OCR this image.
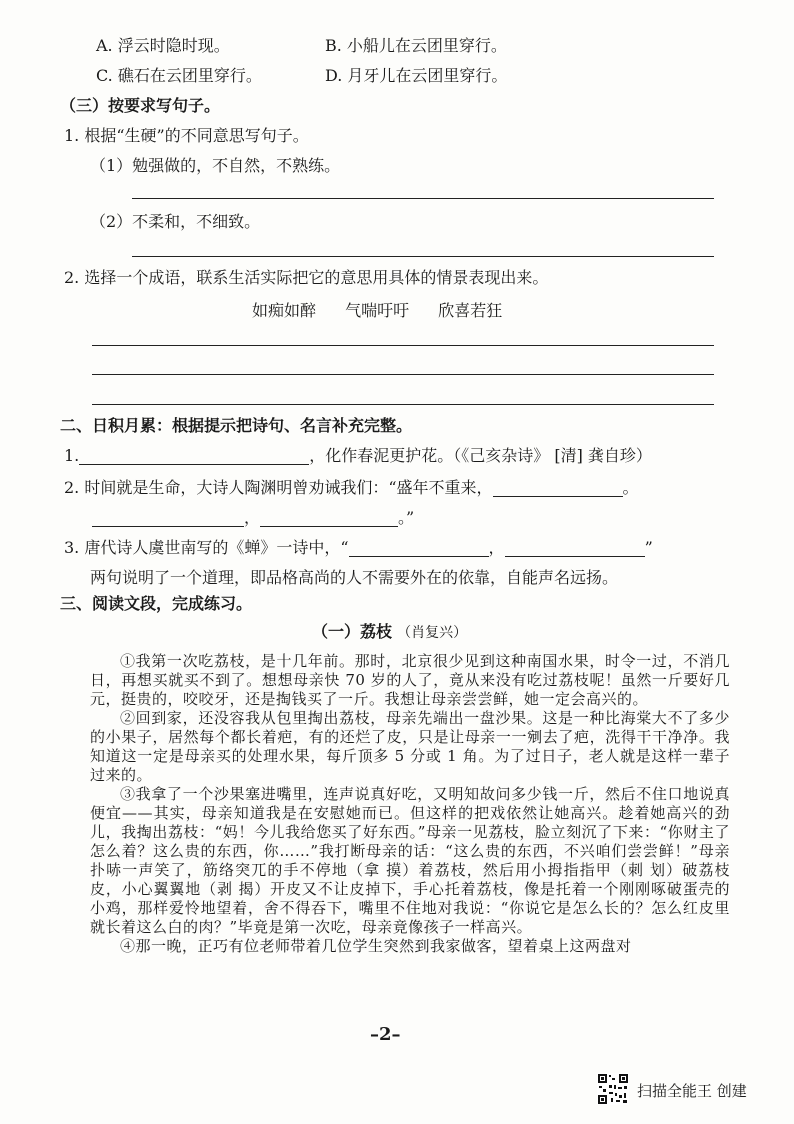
A. 浮云时隐时现。	B. 小船儿在云团里穿行。
C. 礁石在云团里穿行。	D. 月牙儿在云团里穿行。
（三）按要求写句子。
1. 根据“生硬”的不同意思写句子。
（1）勉强做的，不自然，不熟练。
（2）不柔和，不细致。
2. 选择一个成语，联系生活实际把它的意思用具体的情景表现出来。
如痴如醉 气喘吁吁 欣喜若狂
二、日积月累：根据提示把诗句、名言补充完整。
1.	，化作春泥更护花。（《己亥杂诗》 [清] 龚自珍）
2. 时间就是生命，大诗人陶渊明曾劝诫我们：“盛年不重来，	。
，	。”
3. 唐代诗人虞世南写的《蝉》一诗中，“	，	”
两句说明了一个道理，即品格高尚的人不需要外在的依靠，自能声名远扬。
三、阅读文段，完成练习。
（一）荔枝 （肖复兴）

①我第一次吃荔枝，是十几年前。那时，北京很少见到这种南国水果，时令一过，不消几日，再想买就买不到了。想想母亲快 70 岁的人了，竟从来没有吃过荔枝呢！虽然一斤要好几元，挺贵的，咬咬牙，还是掏钱买了一斤。我想让母亲尝尝鲜，她一定会高兴的。

②回到家，还没容我从包里掏出荔枝，母亲先端出一盘沙果。这是一种比海棠大不了多少的小果子，居然每个都长着疤，有的还烂了皮，只是让母亲一一剜去了疤，洗得干干净净。我知道这一定是母亲买的处理水果，每斤顶多 5 分或 1 角。为了过日子，老人就是这样一辈子过来的。

③我拿了一个沙果塞进嘴里，连声说真好吃，又明知故问多少钱一斤，然后不住口地说真便宜——其实，母亲知道我是在安慰她而已。但这样的把戏依然让她高兴。趁着她高兴的劲儿，我掏出荔枝：“妈！今儿我给您买了好东西。”母亲一见荔枝，脸立刻沉了下来：“你财主了怎么着？这么贵的东西，你……”我打断母亲的话：“这么贵的东西，不兴咱们尝尝鲜！”母亲扑哧一声笑了，筋络突兀的手不停地（拿 摸）着荔枝，然后用小拇指指甲（刺 划）破荔枝皮，小心翼翼地（剥 揭）开皮又不让皮掉下，手心托着荔枝，像是托着一个刚刚啄破蛋壳的小鸡，那样爱怜地望着，舍不得吞下，嘴里不住地对我说：“你说它是怎么长的？怎么红皮里就长着这么白的肉？”毕竟是第一次吃，母亲竟像孩子一样高兴。

④那一晚，正巧有位老师带着几位学生突然到我家做客，望着桌上这两盘对

–2–
扫描全能王 创建
